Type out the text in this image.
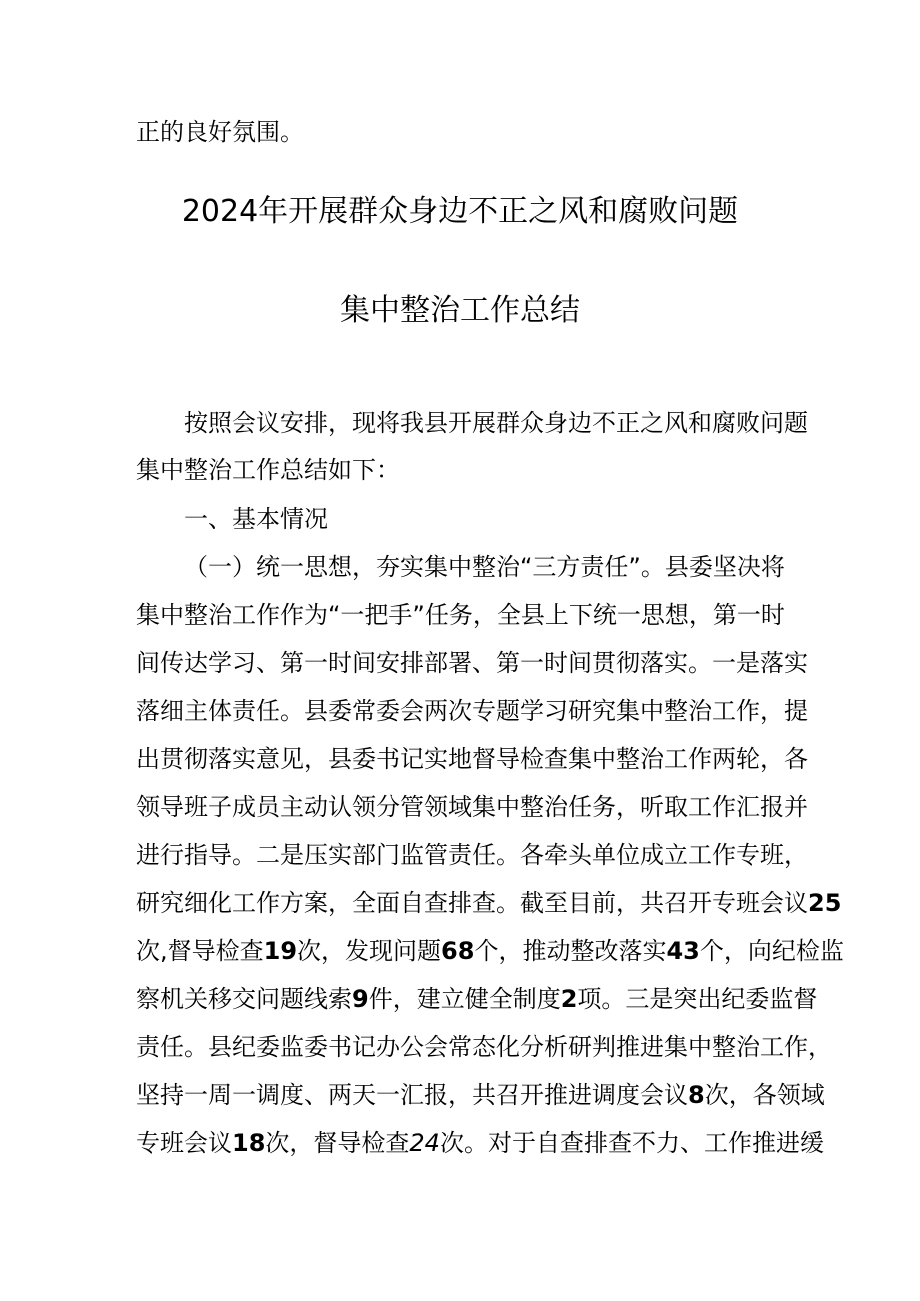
正的良好氛围。
2024年开展群众身边不正之风和腐败问题
集中整治工作总结
按照会议安排，现将我县开展群众身边不正之风和腐败问题
集中整治工作总结如下：
一、基本情况
（一）统一思想，夯实集中整治“三方责任”。县委坚决将
集中整治工作作为“一把手”任务，全县上下统一思想，第一时
间传达学习、第一时间安排部署、第一时间贯彻落实。一是落实
落细主体责任。县委常委会两次专题学习研究集中整治工作，提
出贯彻落实意见，县委书记实地督导检查集中整治工作两轮，各
领导班子成员主动认领分管领域集中整治任务，听取工作汇报并
进行指导。二是压实部门监管责任。各牵头单位成立工作专班，
研究细化工作方案，全面自查排查。截至目前，共召开专班会议25
次,督导检查19次，发现问题68个，推动整改落实43个，向纪检监
察机关移交问题线索9件，建立健全制度2项。三是突出纪委监督
责任。县纪委监委书记办公会常态化分析研判推进集中整治工作，
坚持一周一调度、两天一汇报，共召开推进调度会议8次，各领域
专班会议18次，督导检查24次。对于自查排查不力、工作推进缓
